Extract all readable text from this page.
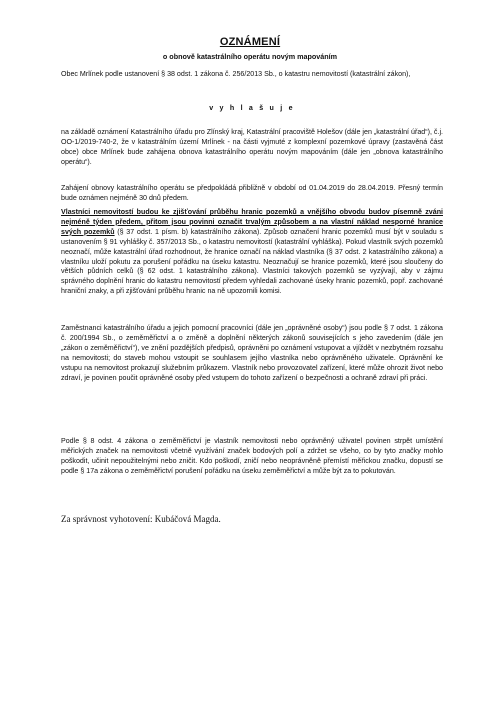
OZNÁMENÍ
o obnově katastrálního operátu novým mapováním

Obec Mrlínek podle ustanovení § 38 odst. 1 zákona č. 256/2013 Sb., o katastru nemovitostí (katastrální zákon),

v y h l a š u j e

na základě oznámení Katastrálního úřadu pro Zlínský kraj, Katastrální pracoviště Holešov (dále jen „katastrální úřad“), č.j. OO-1/2019-740-2, že v katastrálním území Mrlínek - na části vyjmuté z komplexní pozemkové úpravy (zastavěná část obce) obce Mrlínek bude zahájena obnova katastrálního operátu novým mapováním (dále jen „obnova katastrálního operátu“).

Zahájení obnovy katastrálního operátu se předpokládá přibližně v období od 01.04.2019 do 28.04.2019. Přesný termín bude oznámen nejméně 30 dnů předem.

Vlastníci nemovitostí budou ke zjišťování průběhu hranic pozemků a vnějšího obvodu budov písemně zváni nejméně týden předem, přitom jsou povinni označit trvalým způsobem a na vlastní náklad nesporné hranice svých pozemků (§ 37 odst. 1 písm. b) katastrálního zákona). Způsob označení hranic pozemků musí být v souladu s ustanovením § 91 vyhlášky č. 357/2013 Sb., o katastru nemovitostí (katastrální vyhláška). Pokud vlastník svých pozemků neoznačí, může katastrální úřad rozhodnout, že hranice označí na náklad vlastníka (§ 37 odst. 2 katastrálního zákona) a vlastníku uloží pokutu za porušení pořádku na úseku katastru. Neoznačují se hranice pozemků, které jsou sloučeny do větších půdních celků (§ 62 odst. 1 katastrálního zákona). Vlastníci takových pozemků se vyzývají, aby v zájmu správného doplnění hranic do katastru nemovitostí předem vyhledali zachované úseky hranic pozemků, popř. zachované hraniční znaky, a při zjišťování průběhu hranic na ně upozornili komisi.

Zaměstnanci katastrálního úřadu a jejich pomocní pracovníci (dále jen „oprávněné osoby“) jsou podle § 7 odst. 1 zákona č. 200/1994 Sb., o zeměměřictví a o změně a doplnění některých zákonů souvisejících s jeho zavedením (dále jen „zákon o zeměměřictví“), ve znění pozdějších předpisů, oprávněni po oznámení vstupovat a vjíždět v nezbytném rozsahu na nemovitosti; do staveb mohou vstoupit se souhlasem jejího vlastníka nebo oprávněného uživatele. Oprávnění ke vstupu na nemovitost prokazují služebním průkazem. Vlastník nebo provozovatel zařízení, které může ohrozit život nebo zdraví, je povinen poučit oprávněné osoby před vstupem do tohoto zařízení o bezpečnosti a ochraně zdraví při práci.

Podle § 8 odst. 4 zákona o zeměměřictví je vlastník nemovitosti nebo oprávněný uživatel povinen strpět umístění měřických značek na nemovitosti včetně využívání značek bodových polí a zdržet se všeho, co by tyto značky mohlo poškodit, učinit nepoužitelnými nebo zničit. Kdo poškodí, zničí nebo neoprávněně přemístí měřickou značku, dopustí se podle § 17a zákona o zeměměřictví porušení pořádku na úseku zeměměřictví a může být za to pokutován.

Za správnost vyhotovení: Kubáčová Magda.
